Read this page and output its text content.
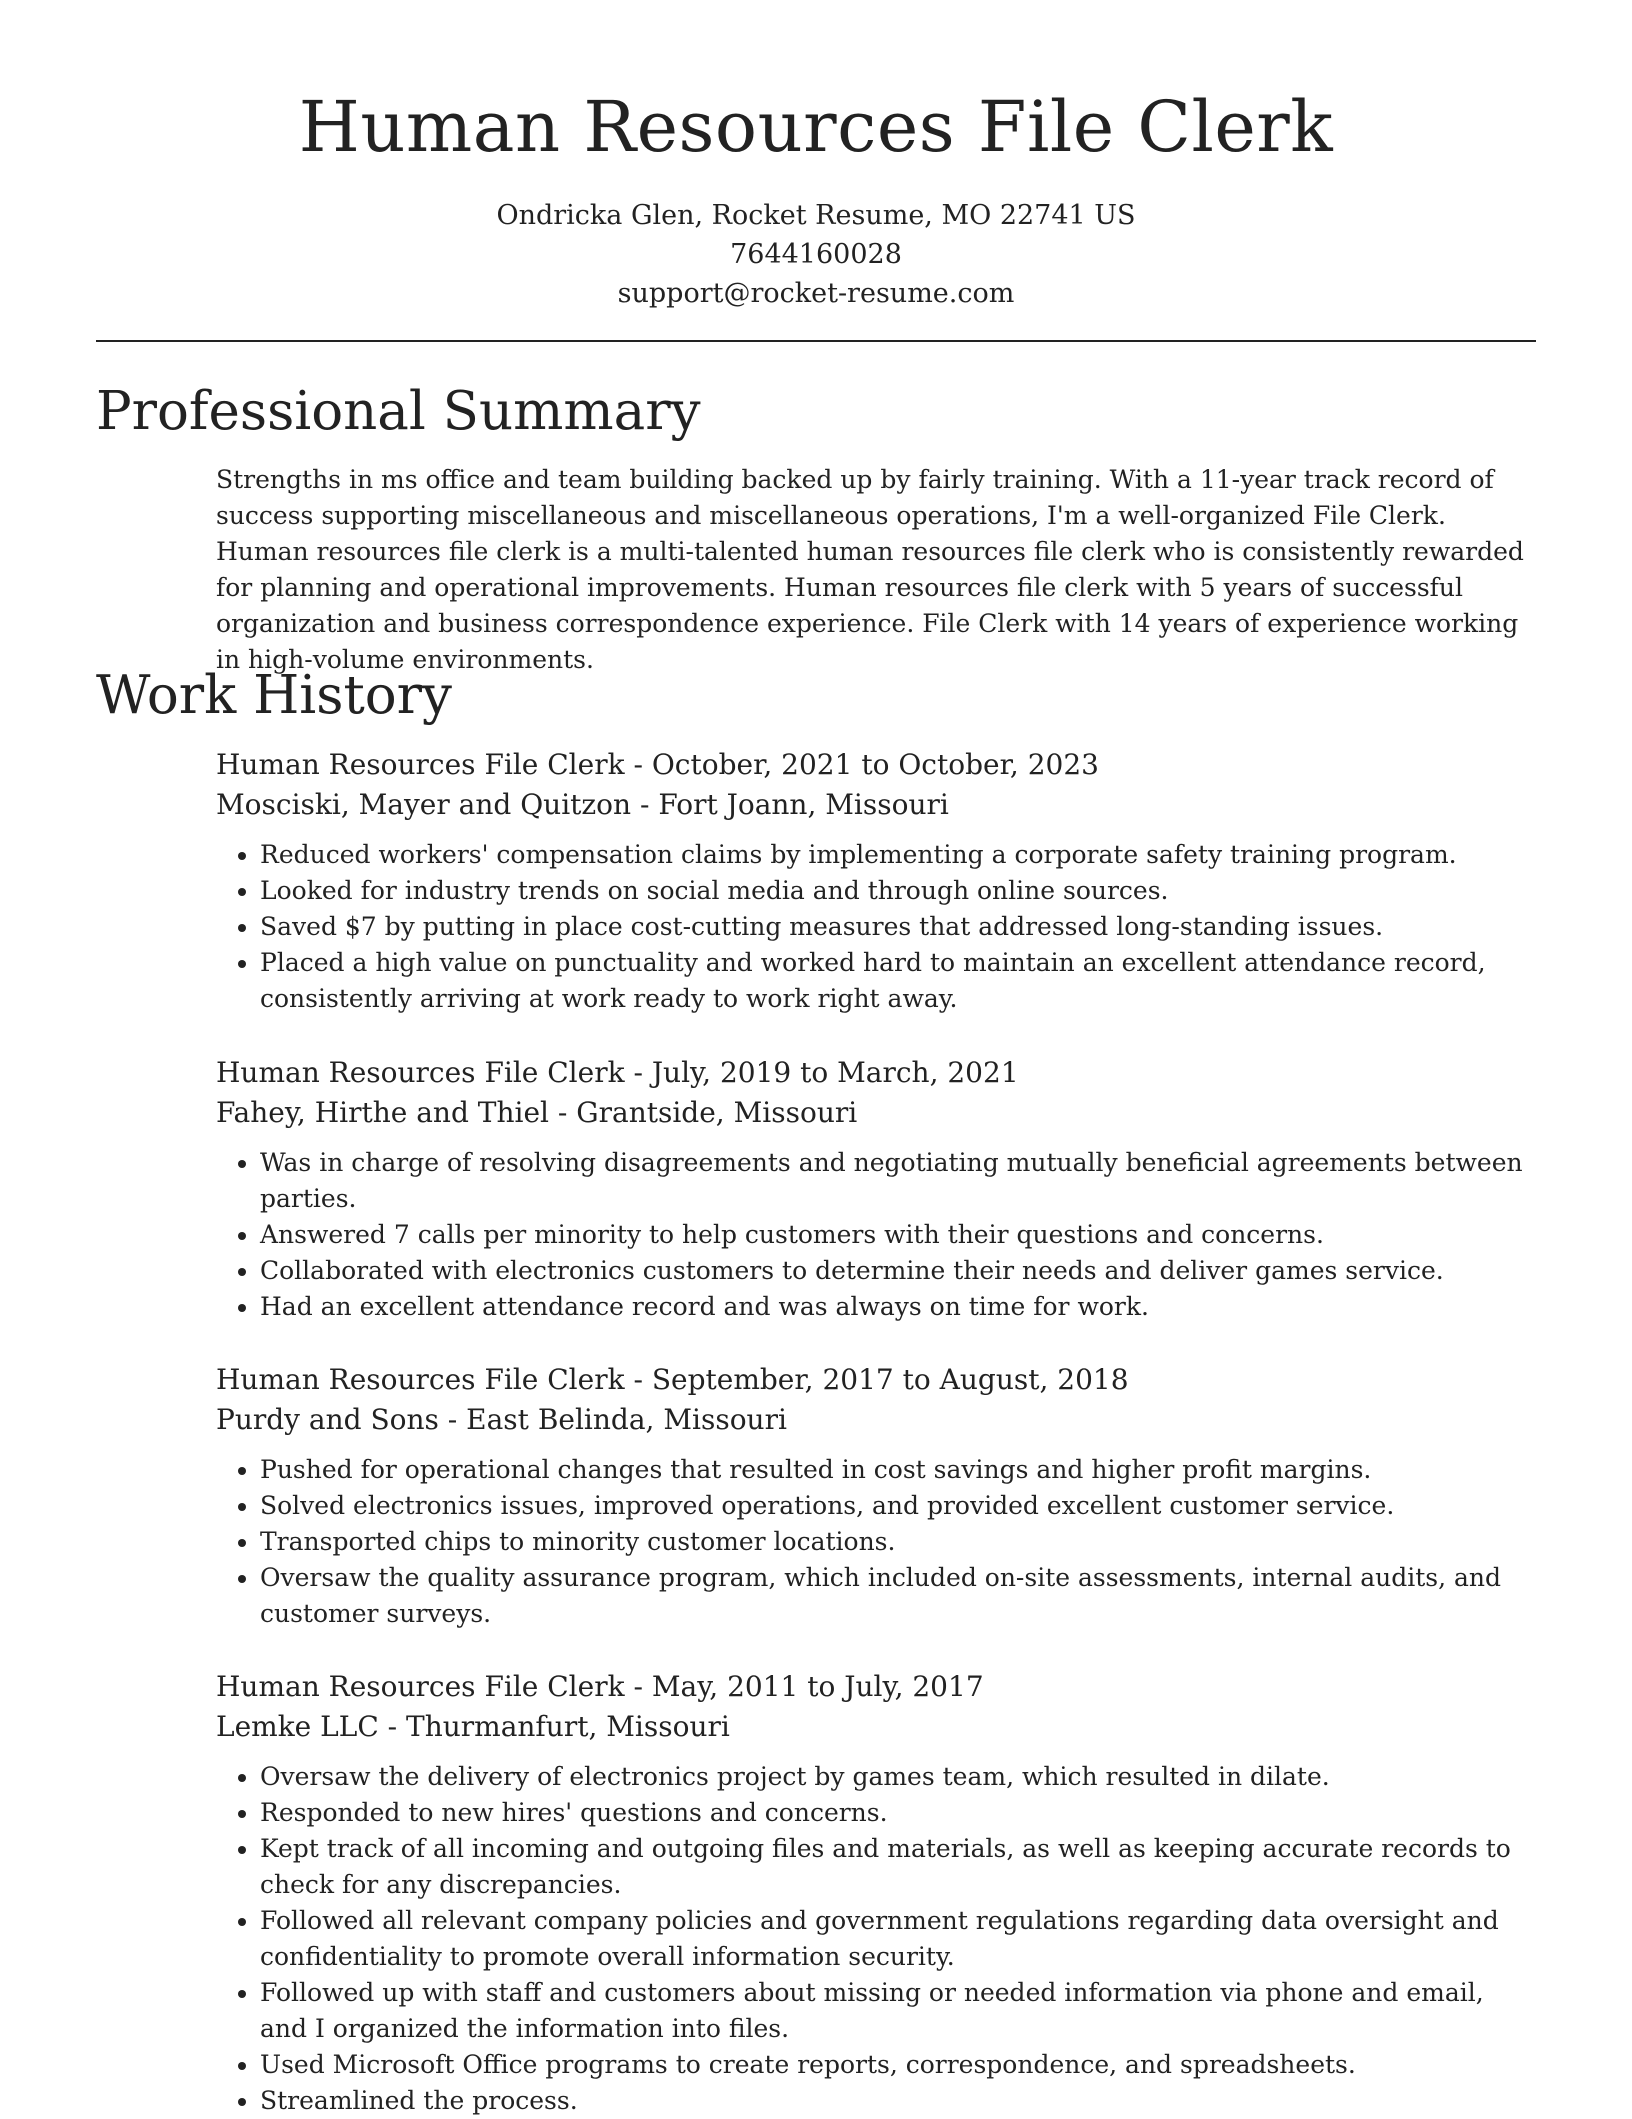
Human Resources File Clerk
Ondricka Glen, Rocket Resume, MO 22741 US
7644160028
support@rocket-resume.com
Professional Summary

Strengths in ms office and team building backed up by fairly training. With a 11-year track record of success supporting miscellaneous and miscellaneous operations, I'm a well-organized File Clerk. Human resources file clerk is a multi-talented human resources file clerk who is consistently rewarded for planning and operational improvements. Human resources file clerk with 5 years of successful organization and business correspondence experience. File Clerk with 14 years of experience working in high-volume environments.

Work History

Human Resources File Clerk - October, 2021 to October, 2023

Mosciski, Mayer and Quitzon - Fort Joann, Missouri

• Reduced workers' compensation claims by implementing a corporate safety training program.
• Looked for industry trends on social media and through online sources.
• Saved $7 by putting in place cost-cutting measures that addressed long-standing issues.
• Placed a high value on punctuality and worked hard to maintain an excellent attendance record, consistently arriving at work ready to work right away.

Human Resources File Clerk - July, 2019 to March, 2021

Fahey, Hirthe and Thiel - Grantside, Missouri

• Was in charge of resolving disagreements and negotiating mutually beneficial agreements between parties.
• Answered 7 calls per minority to help customers with their questions and concerns.
• Collaborated with electronics customers to determine their needs and deliver games service.
• Had an excellent attendance record and was always on time for work.

Human Resources File Clerk - September, 2017 to August, 2018

Purdy and Sons - East Belinda, Missouri

• Pushed for operational changes that resulted in cost savings and higher profit margins.
• Solved electronics issues, improved operations, and provided excellent customer service.
• Transported chips to minority customer locations.
• Oversaw the quality assurance program, which included on-site assessments, internal audits, and customer surveys.

Human Resources File Clerk - May, 2011 to July, 2017

Lemke LLC - Thurmanfurt, Missouri

• Oversaw the delivery of electronics project by games team, which resulted in dilate.
• Responded to new hires' questions and concerns.
• Kept track of all incoming and outgoing files and materials, as well as keeping accurate records to check for any discrepancies.
• Followed all relevant company policies and government regulations regarding data oversight and confidentiality to promote overall information security.
• Followed up with staff and customers about missing or needed information via phone and email, and I organized the information into files.
• Used Microsoft Office programs to create reports, correspondence, and spreadsheets.
• Streamlined the process.
